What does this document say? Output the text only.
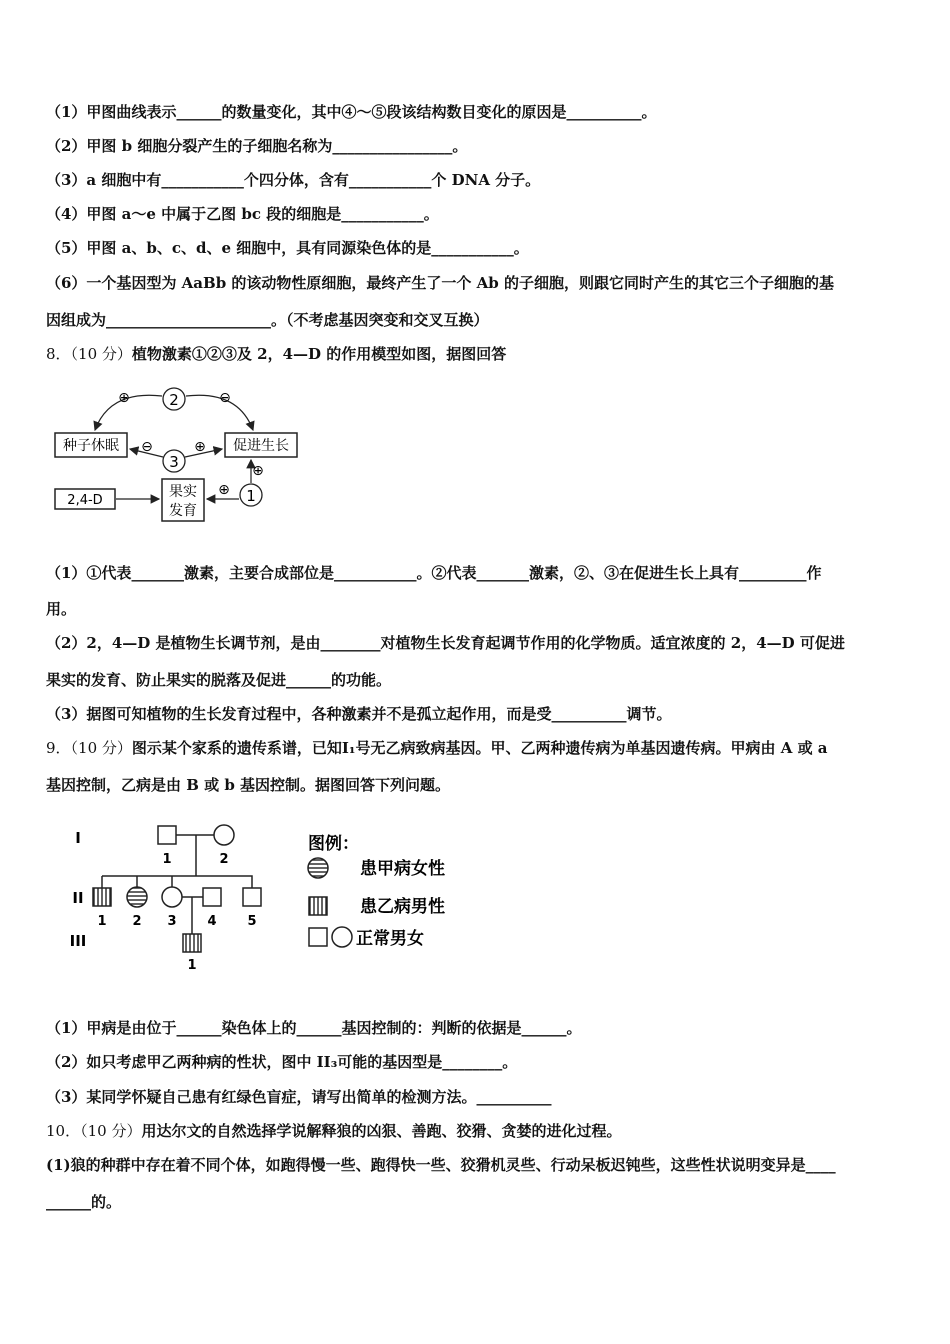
（1）甲图曲线表示______的数量变化，其中④～⑤段该结构数目变化的原因是__________。
（2）甲图 b 细胞分裂产生的子细胞名称为________________。
（3）a 细胞中有___________个四分体，含有___________个 DNA 分子。
（4）甲图 a～e 中属于乙图 bc 段的细胞是___________。
（5）甲图 a、b、c、d、e 细胞中，具有同源染色体的是___________。
（6）一个基因型为 AaBb 的该动物性原细胞，最终产生了一个 Ab 的子细胞，则跟它同时产生的其它三个子细胞的基
因组成为______________________。（不考虑基因突变和交叉互换）
8．（10 分）植物激素①②③及 2，4—D 的作用模型如图，据图回答
种子休眠	促进生长
果实
发育
2,4-D
2
3
1
⊕	⊖
⊖	⊕
⊕
⊕
（1）①代表_______激素，主要合成部位是___________。②代表_______激素，②、③在促进生长上具有_________作
用。
（2）2，4—D 是植物生长调节剂，是由________对植物生长发育起调节作用的化学物质。适宜浓度的 2，4—D 可促进
果实的发育、防止果实的脱落及促进______的功能。
（3）据图可知植物的生长发育过程中，各种激素并不是孤立起作用，而是受__________调节。
9．（10 分）图示某个家系的遗传系谱，已知Ⅰ₁号无乙病致病基因。甲、乙两种遗传病为单基因遗传病。甲病由 A 或 a
基因控制，乙病是由 B 或 b 基因控制。据图回答下列问题。
I
II
III
1	2
1 2 3 4 5
1
图例：
患甲病女性
患乙病男性
正常男女
（1）甲病是由位于______染色体上的______基因控制的：判断的依据是______。
（2）如只考虑甲乙两种病的性状，图中 II₃可能的基因型是________。
（3）某同学怀疑自己患有红绿色盲症，请写出简单的检测方法。__________
10．（10 分）用达尔文的自然选择学说解释狼的凶狠、善跑、狡猾、贪婪的进化过程。
(1)狼的种群中存在着不同个体，如跑得慢一些、跑得快一些、狡猾机灵些、行动呆板迟钝些，这些性状说明变异是____
______的。
